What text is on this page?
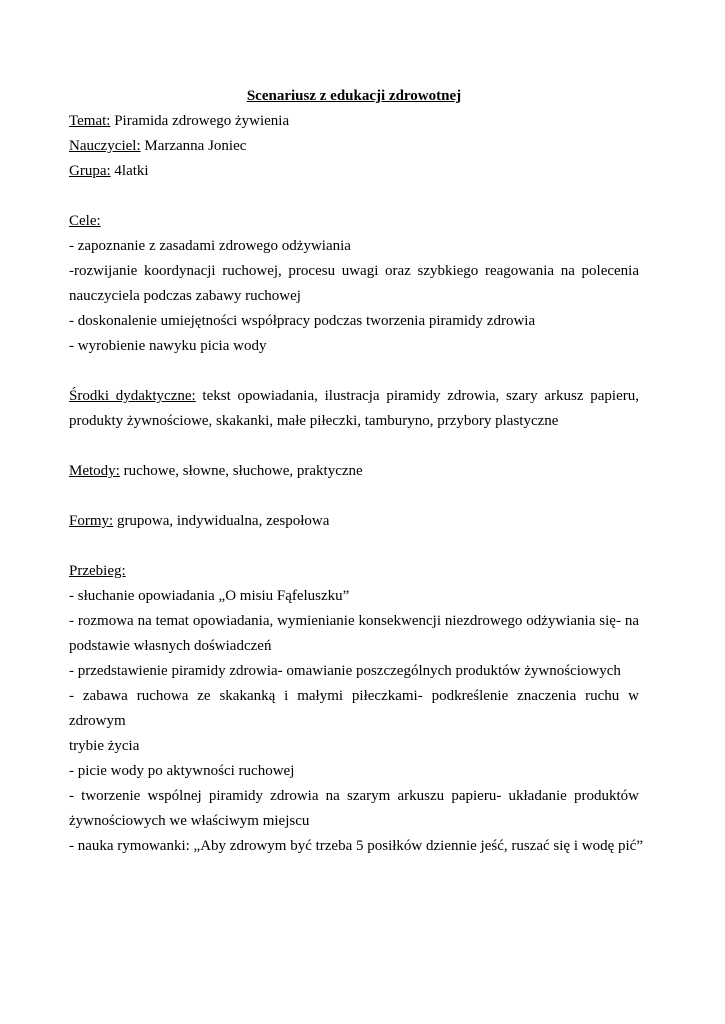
Scenariusz z edukacji zdrowotnej

Temat: Piramida zdrowego żywienia

Nauczyciel: Marzanna Joniec

Grupa: 4latki

Cele:

- zapoznanie z zasadami zdrowego odżywiania

-rozwijanie koordynacji ruchowej, procesu uwagi oraz szybkiego reagowania na polecenia

nauczyciela podczas zabawy ruchowej

- doskonalenie umiejętności współpracy podczas tworzenia piramidy zdrowia

- wyrobienie nawyku picia wody

Środki dydaktyczne: tekst opowiadania, ilustracja piramidy zdrowia, szary arkusz papieru,

produkty żywnościowe, skakanki, małe piłeczki, tamburyno, przybory plastyczne

Metody: ruchowe, słowne, słuchowe, praktyczne

Formy: grupowa, indywidualna, zespołowa

Przebieg:

- słuchanie opowiadania „O misiu Fąfeluszku”

- rozmowa na temat opowiadania, wymienianie konsekwencji niezdrowego odżywiania się- na

podstawie własnych doświadczeń

- przedstawienie piramidy zdrowia- omawianie poszczególnych produktów żywnościowych

- zabawa ruchowa ze skakanką i małymi piłeczkami- podkreślenie znaczenia ruchu w zdrowym

trybie życia

- picie wody po aktywności ruchowej

- tworzenie wspólnej piramidy zdrowia na szarym arkuszu papieru- układanie produktów

żywnościowych we właściwym miejscu

- nauka rymowanki: „Aby zdrowym być trzeba 5 posiłków dziennie jeść, ruszać się i wodę pić”
